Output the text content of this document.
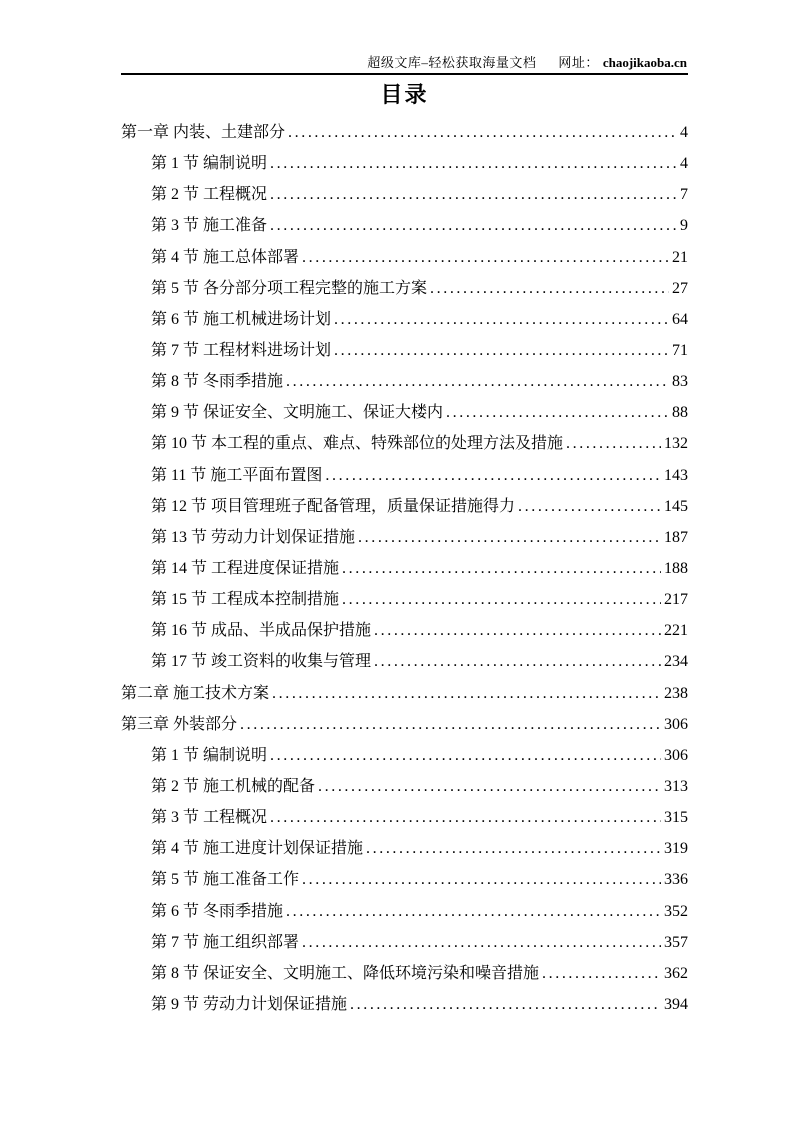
超级文库–轻松获取海量文档 网址： chaojikaoba.cn
目录
第一章 内装、土建部分 .....	4
第 1 节 编制说明 .....	4
第 2 节 工程概况 .....	7
第 3 节 施工准备 .....	9
第 4 节 施工总体部署 .....	21
第 5 节 各分部分项工程完整的施工方案 .....	27
第 6 节 施工机械进场计划 .....	64
第 7 节 工程材料进场计划 .....	71
第 8 节 冬雨季措施 .....	83
第 9 节 保证安全、文明施工、保证大楼内 .....	88
第 10 节 本工程的重点、难点、特殊部位的处理方法及措施 .....	132
第 11 节 施工平面布置图 .....	143
第 12 节 项目管理班子配备管理，质量保证措施得力 .....	145
第 13 节 劳动力计划保证措施 .....	187
第 14 节 工程进度保证措施 .....	188
第 15 节 工程成本控制措施 .....	217
第 16 节 成品、半成品保护措施 .....	221
第 17 节 竣工资料的收集与管理 .....	234
第二章 施工技术方案 .....	238
第三章 外装部分 .....	306
第 1 节 编制说明 .....	306
第 2 节 施工机械的配备 .....	313
第 3 节 工程概况 .....	315
第 4 节 施工进度计划保证措施 .....	319
第 5 节 施工准备工作 .....	336
第 6 节 冬雨季措施 .....	352
第 7 节 施工组织部署 .....	357
第 8 节 保证安全、文明施工、降低环境污染和噪音措施 .....	362
第 9 节 劳动力计划保证措施 .....	394
